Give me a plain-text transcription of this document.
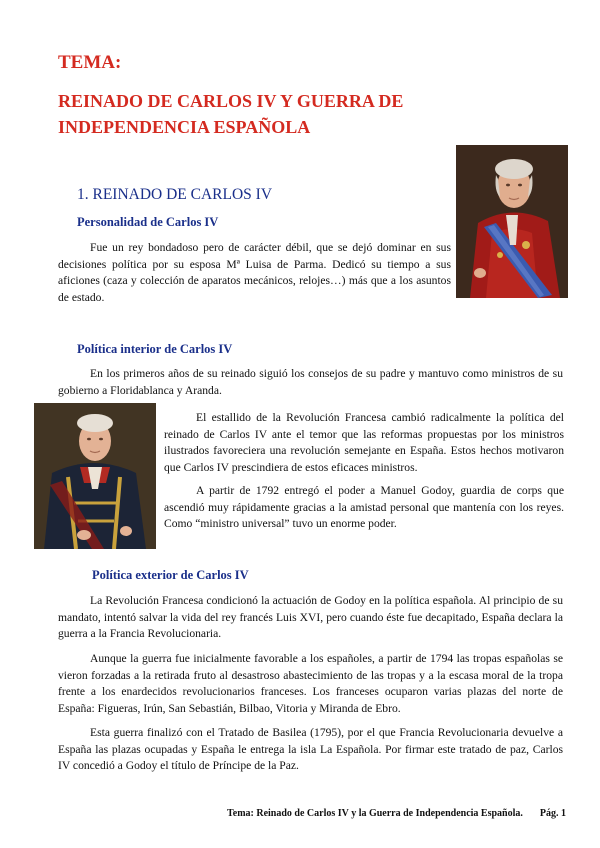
TEMA:
REINADO DE CARLOS IV Y GUERRA DE INDEPENDENCIA ESPAÑOLA
1. REINADO DE CARLOS IV
Personalidad de Carlos IV

Fue un rey bondadoso pero de carácter débil, que se dejó dominar en sus decisiones política por su esposa Mª Luisa de Parma. Dedicó su tiempo a sus aficiones (caza y colección de aparatos mecánicos, relojes…) más que a los asuntos de estado.

Política interior de Carlos IV

En los primeros años de su reinado siguió los consejos de su padre y mantuvo como ministros de su gobierno a Floridablanca y Aranda.

El estallido de la Revolución Francesa cambió radicalmente la política del reinado de Carlos IV ante el temor que las reformas propuestas por los ministros ilustrados favoreciera una revolución semejante en España. Estos hechos motivaron que Carlos IV prescindiera de estos eficaces ministros.

A partir de 1792 entregó el poder a Manuel Godoy, guardia de corps que ascendió muy rápidamente gracias a la amistad personal que mantenía con los reyes. Como “ministro universal” tuvo un enorme poder.

Política exterior de Carlos IV

La Revolución Francesa condicionó la actuación de Godoy en la política española. Al principio de su mandato, intentó salvar la vida del rey francés Luis XVI, pero cuando éste fue decapitado, España declara la guerra a la Francia Revolucionaria.

Aunque la guerra fue inicialmente favorable a los españoles, a partir de 1794 las tropas españolas se vieron forzadas a la retirada fruto al desastroso abastecimiento de las tropas y a la escasa moral de la tropa frente a los enardecidos revolucionarios franceses. Los franceses ocuparon varias plazas del norte de España: Figueras, Irún, San Sebastián, Bilbao, Vitoria y Miranda de Ebro.

Esta guerra finalizó con el Tratado de Basilea (1795), por el que Francia Revolucionaria devuelve a España las plazas ocupadas y España le entrega la isla La Española. Por firmar este tratado de paz, Carlos IV concedió a Godoy el título de Príncipe de la Paz.

Tema: Reinado de Carlos IV y la Guerra de Independencia Española. Pág. 1
